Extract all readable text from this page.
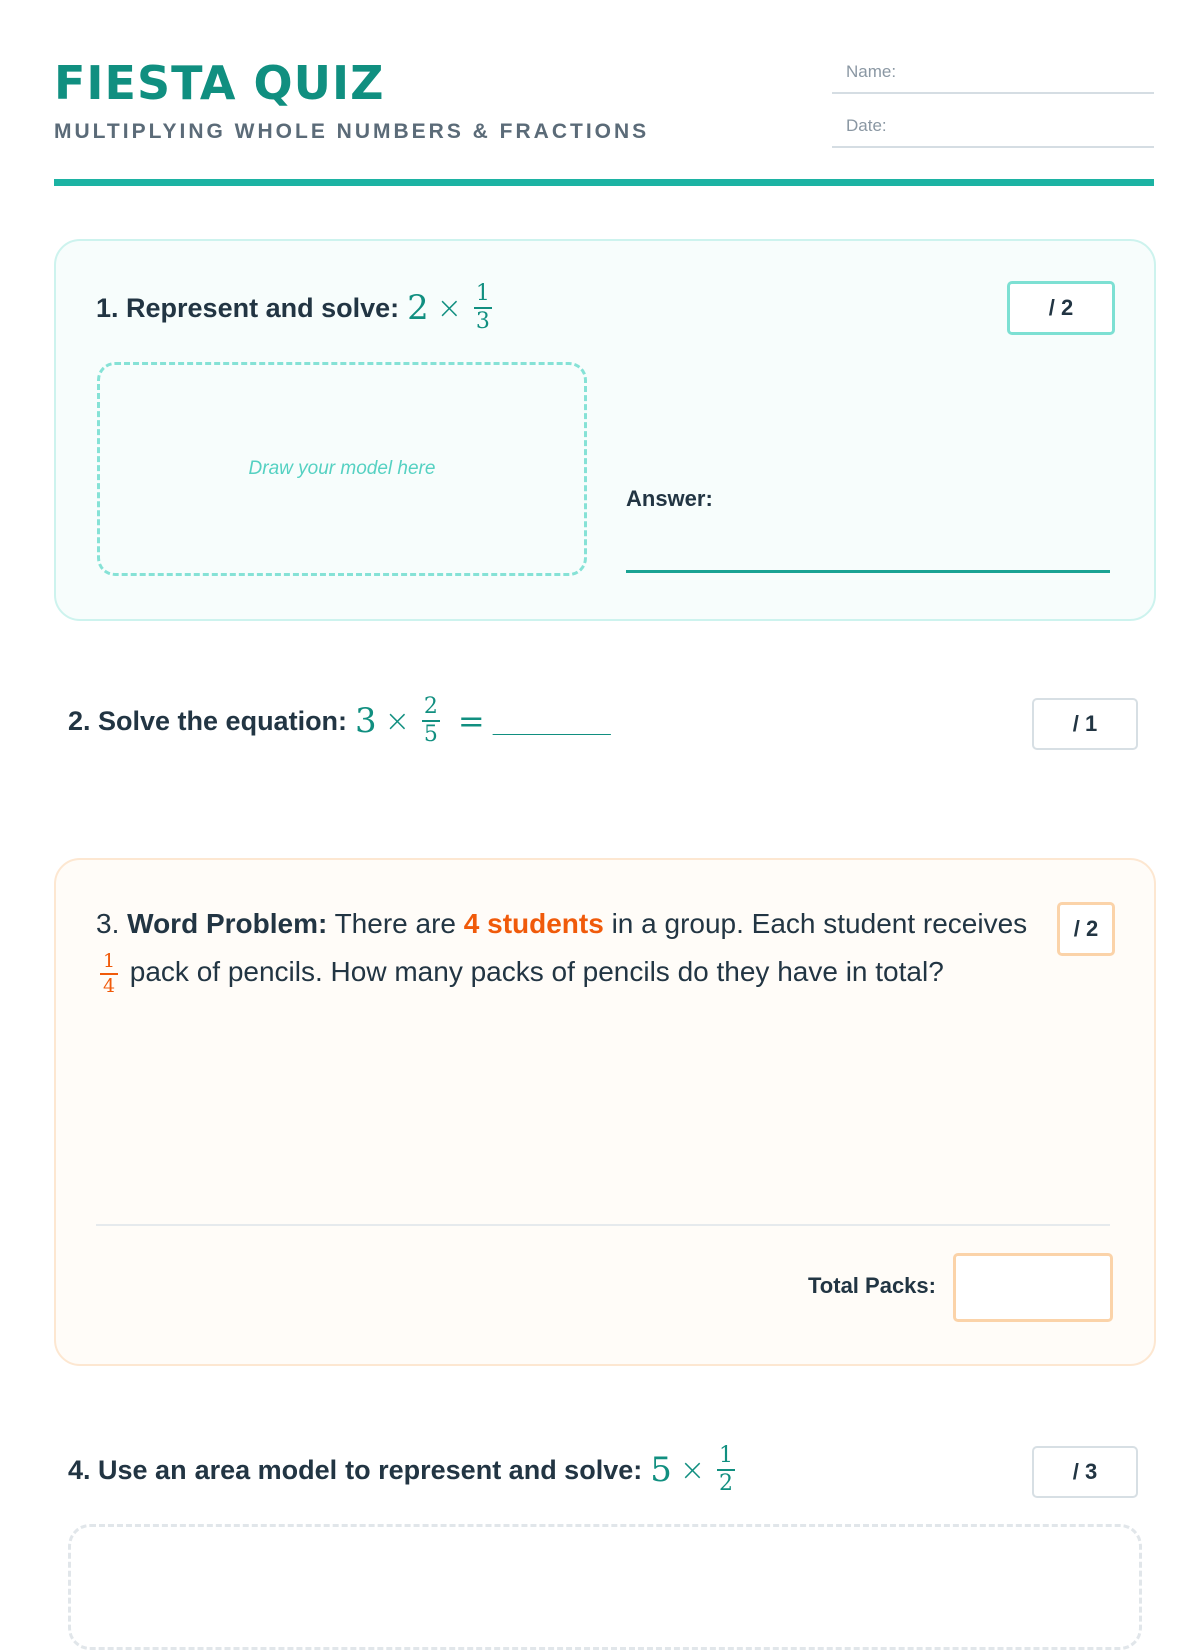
FIESTA QUIZ
MULTIPLYING WHOLE NUMBERS & FRACTIONS
Name:
Date:
1. Represent and solve: $2 \times \frac{1}{3}$	/ 2
Draw your model here
Answer:
2. Solve the equation: $3 \times \frac{2}{5}$ = ________	/ 1
3. Word Problem: There are 4 students in a group. Each student receives
$\frac{1}{4}$ pack of pencils. How many packs of pencils do they have in total?
/ 2
Total Packs:
4. Use an area model to represent and solve: $5 \times \frac{1}{2}$	/ 3
